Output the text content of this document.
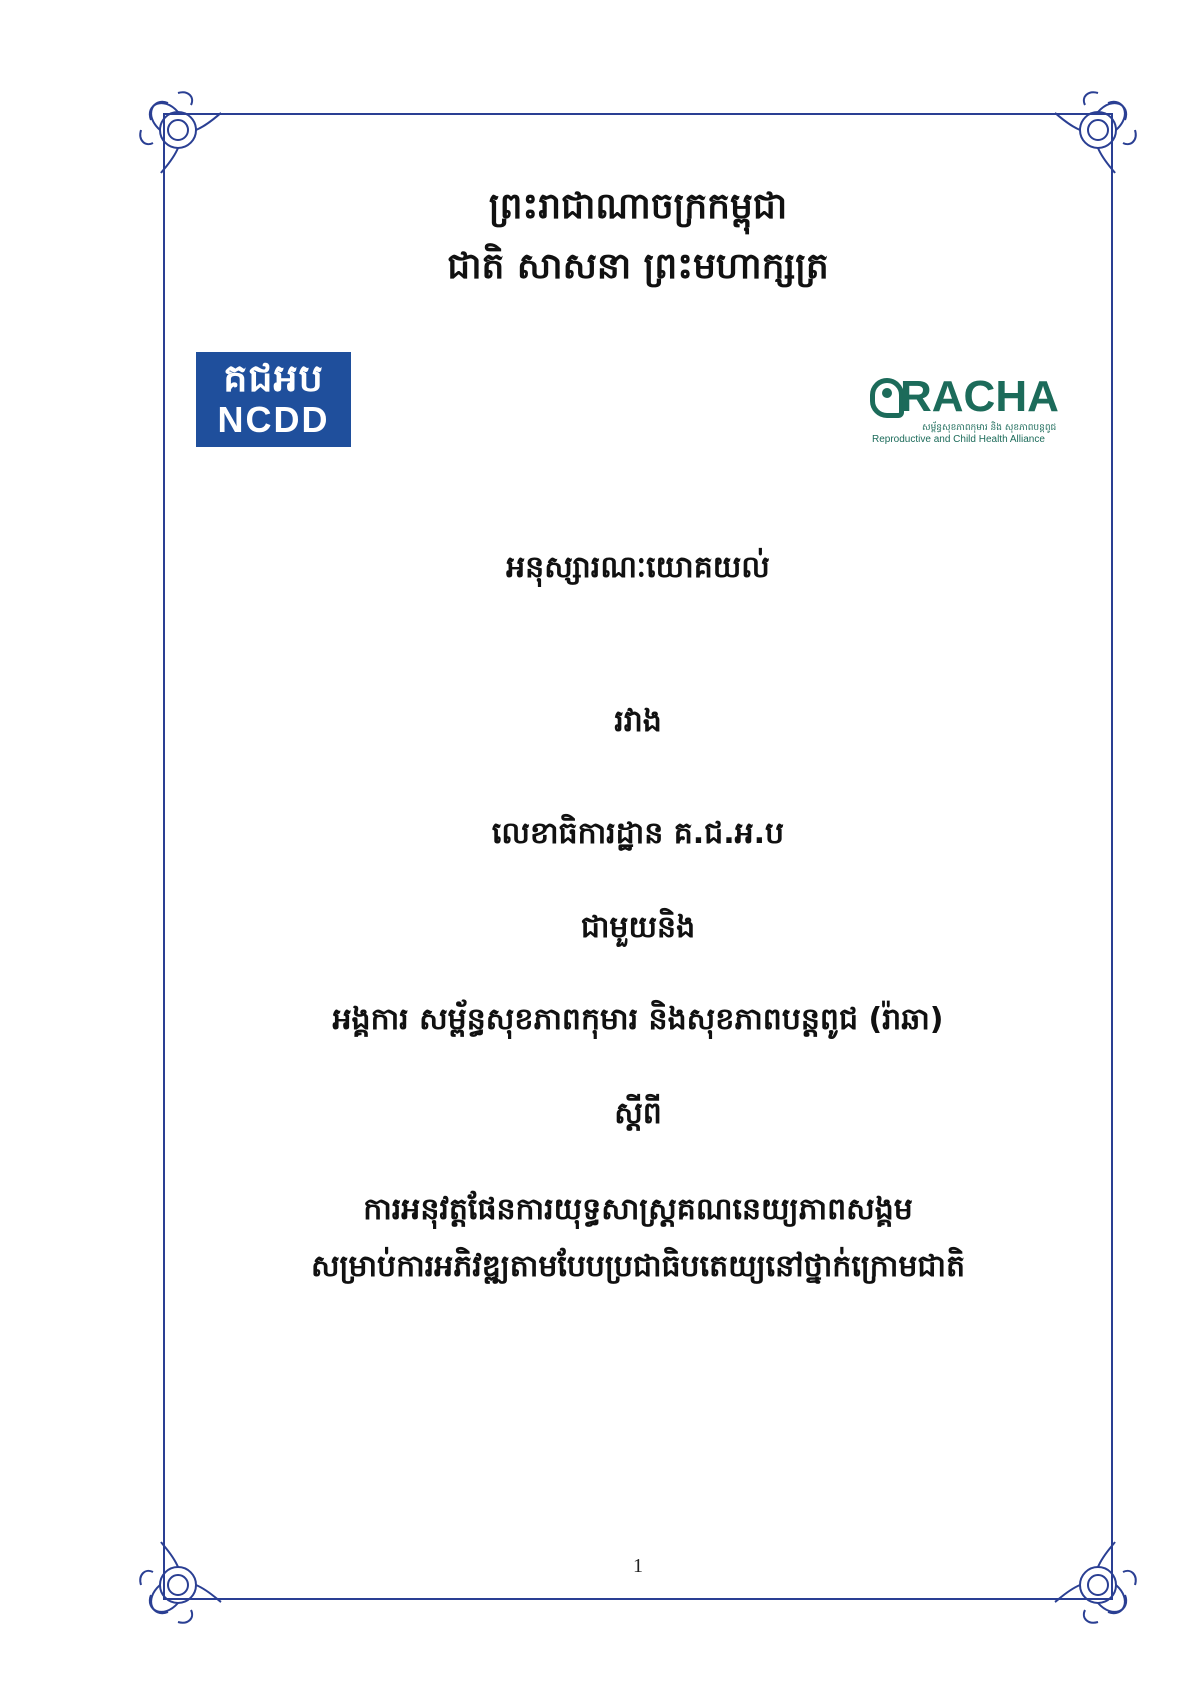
ព្រះរាជាណាចក្រកម្ពុជា
ជាតិ សាសនា ព្រះមហាក្សត្រ
គជអប
NCDD	RACHA
សម្ព័ន្ធសុខភាពកុមារ និង សុខភាពបន្តពូជ
Reproductive and Child Health Alliance
អនុស្សារណៈយោគយល់
រវាង
លេខាធិការដ្ឋាន គ.ជ.អ.ប
ជាមួយនិង
អង្គការ សម្ព័ន្ធសុខភាពកុមារ និងសុខភាពបន្តពូជ (រ៉ាឆា)
ស្តីពី
ការអនុវត្តផែនការយុទ្ធសាស្ត្រគណនេយ្យភាពសង្គម
សម្រាប់ការអភិវឌ្ឍតាមបែបប្រជាធិបតេយ្យនៅថ្នាក់ក្រោមជាតិ
1
